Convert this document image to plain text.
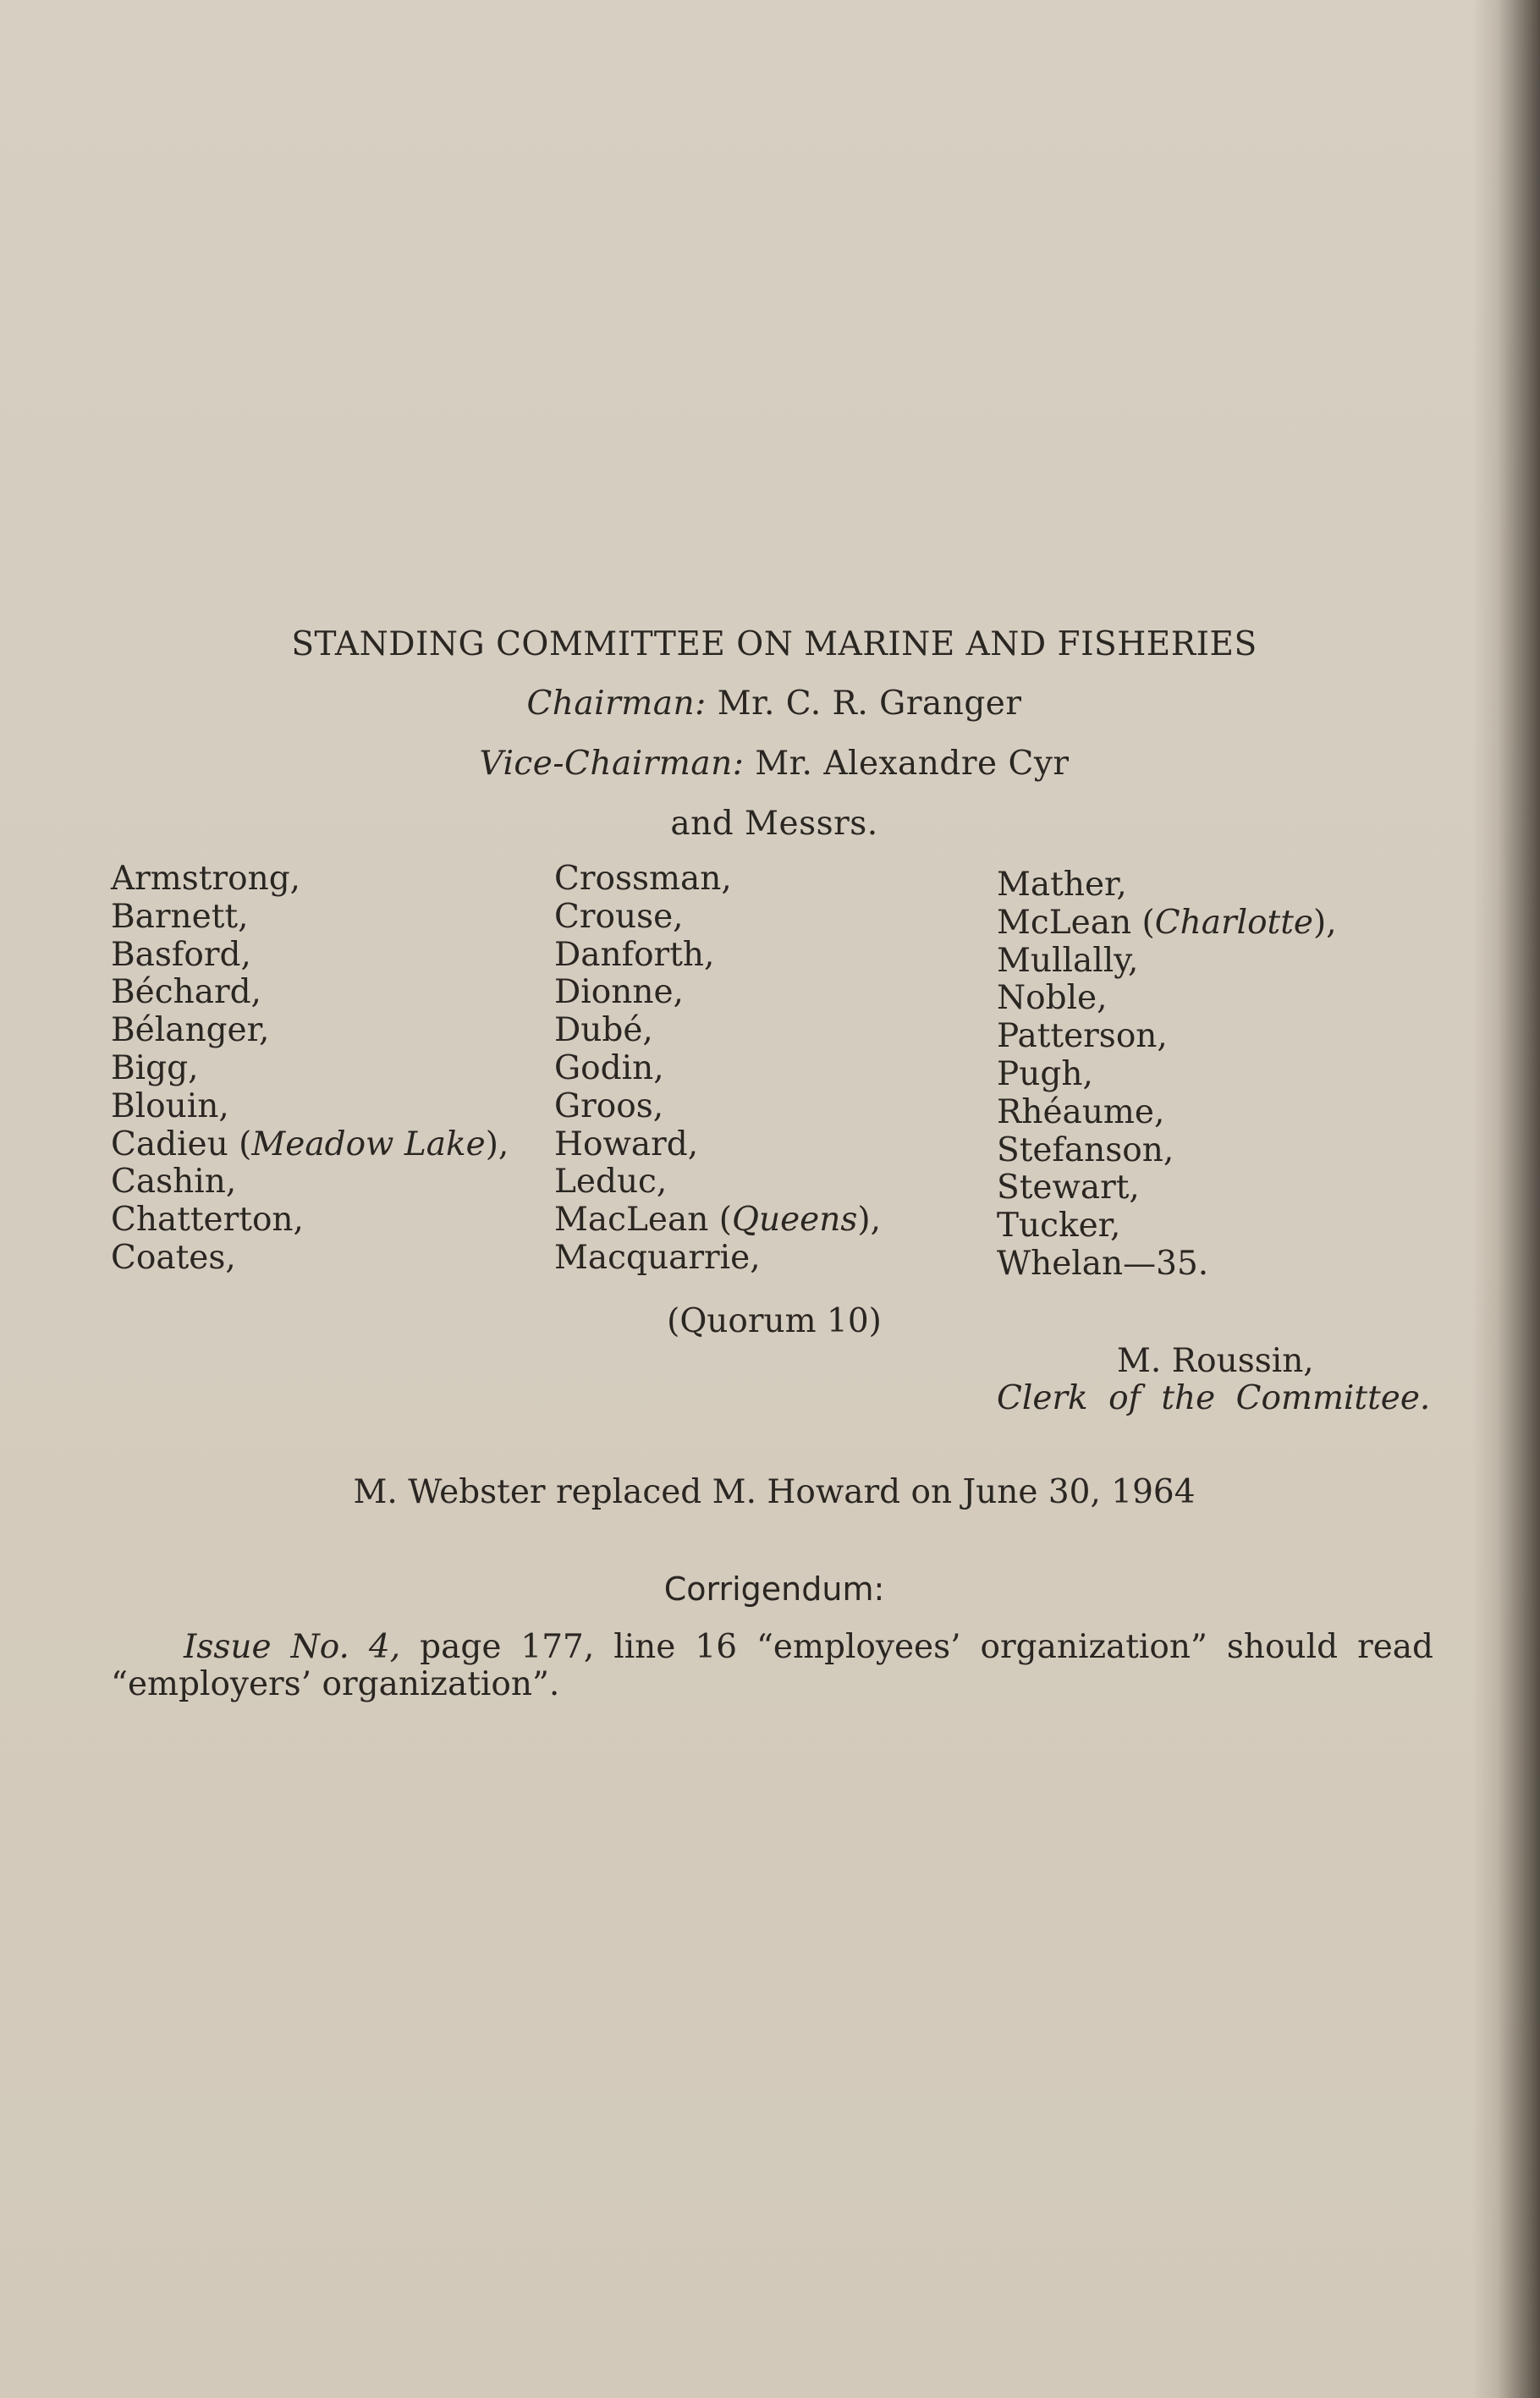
STANDING COMMITTEE ON MARINE AND FISHERIES
Chairman: Mr. C. R. Granger
Vice-Chairman: Mr. Alexandre Cyr
and Messrs.
Armstrong,
Barnett,
Basford,
Béchard,
Bélanger,
Bigg,
Blouin,
Cadieu (Meadow Lake),
Cashin,
Chatterton,
Coates,
Crossman,
Crouse,
Danforth,
Dionne,
Dubé,
Godin,
Groos,
Howard,
Leduc,
MacLean (Queens),
Macquarrie,
Mather,
McLean (Charlotte),
Mullally,
Noble,
Patterson,
Pugh,
Rhéaume,
Stefanson,
Stewart,
Tucker,
Whelan—35.
(Quorum 10)
M. Roussin,
Clerk of the Committee.
M. Webster replaced M. Howard on June 30, 1964
Corrigendum:
Issue No. 4, page 177, line 16 “employees’ organization” should read “employers’ organization”.
